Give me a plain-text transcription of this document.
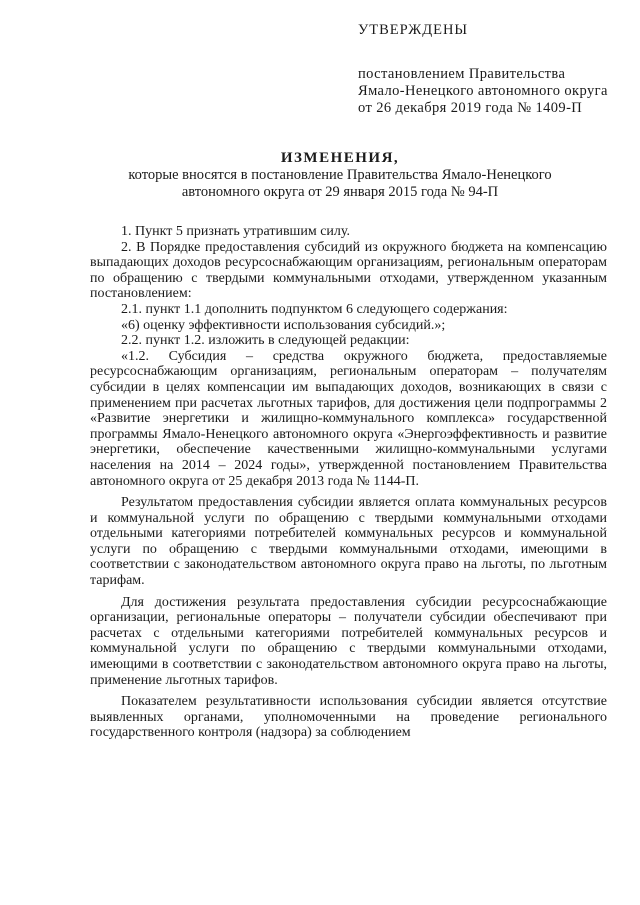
УТВЕРЖДЕНЫ
постановлением Правительства
Ямало-Ненецкого автономного округа
от 26 декабря 2019 года № 1409-П
ИЗМЕНЕНИЯ,
которые вносятся в постановление Правительства Ямало-Ненецкого
автономного округа от 29 января 2015 года № 94-П

1. Пункт 5 признать утратившим силу.

2. В Порядке предоставления субсидий из окружного бюджета на компенсацию выпадающих доходов ресурсоснабжающим организациям, региональным операторам по обращению с твердыми коммунальными отходами, утвержденном указанным постановлением:

2.1. пункт 1.1 дополнить подпунктом 6 следующего содержания:

«6) оценку эффективности использования субсидий.»;

2.2. пункт 1.2. изложить в следующей редакции:

«1.2. Субсидия – средства окружного бюджета, предоставляемые ресурсоснабжающим организациям, региональным операторам – получателям субсидии в целях компенсации им выпадающих доходов, возникающих в связи с применением при расчетах льготных тарифов, для достижения цели подпрограммы 2 «Развитие энергетики и жилищно-коммунального комплекса» государственной программы Ямало-Ненецкого автономного округа «Энергоэффективность и развитие энергетики, обеспечение качественными жилищно-коммунальными услугами населения на 2014 – 2024 годы», утвержденной постановлением Правительства автономного округа от 25 декабря 2013 года № 1144-П.

Результатом предоставления субсидии является оплата коммунальных ресурсов и коммунальной услуги по обращению с твердыми коммунальными отходами отдельными категориями потребителей коммунальных ресурсов и коммунальной услуги по обращению с твердыми коммунальными отходами, имеющими в соответствии с законодательством автономного округа право на льготы, по льготным тарифам.

Для достижения результата предоставления субсидии ресурсоснабжающие организации, региональные операторы – получатели субсидии обеспечивают при расчетах с отдельными категориями потребителей коммунальных ресурсов и коммунальной услуги по обращению с твердыми коммунальными отходами, имеющими в соответствии с законодательством автономного округа право на льготы, применение льготных тарифов.

Показателем результативности использования субсидии является отсутствие выявленных органами, уполномоченными на проведение регионального государственного контроля (надзора) за соблюдением
